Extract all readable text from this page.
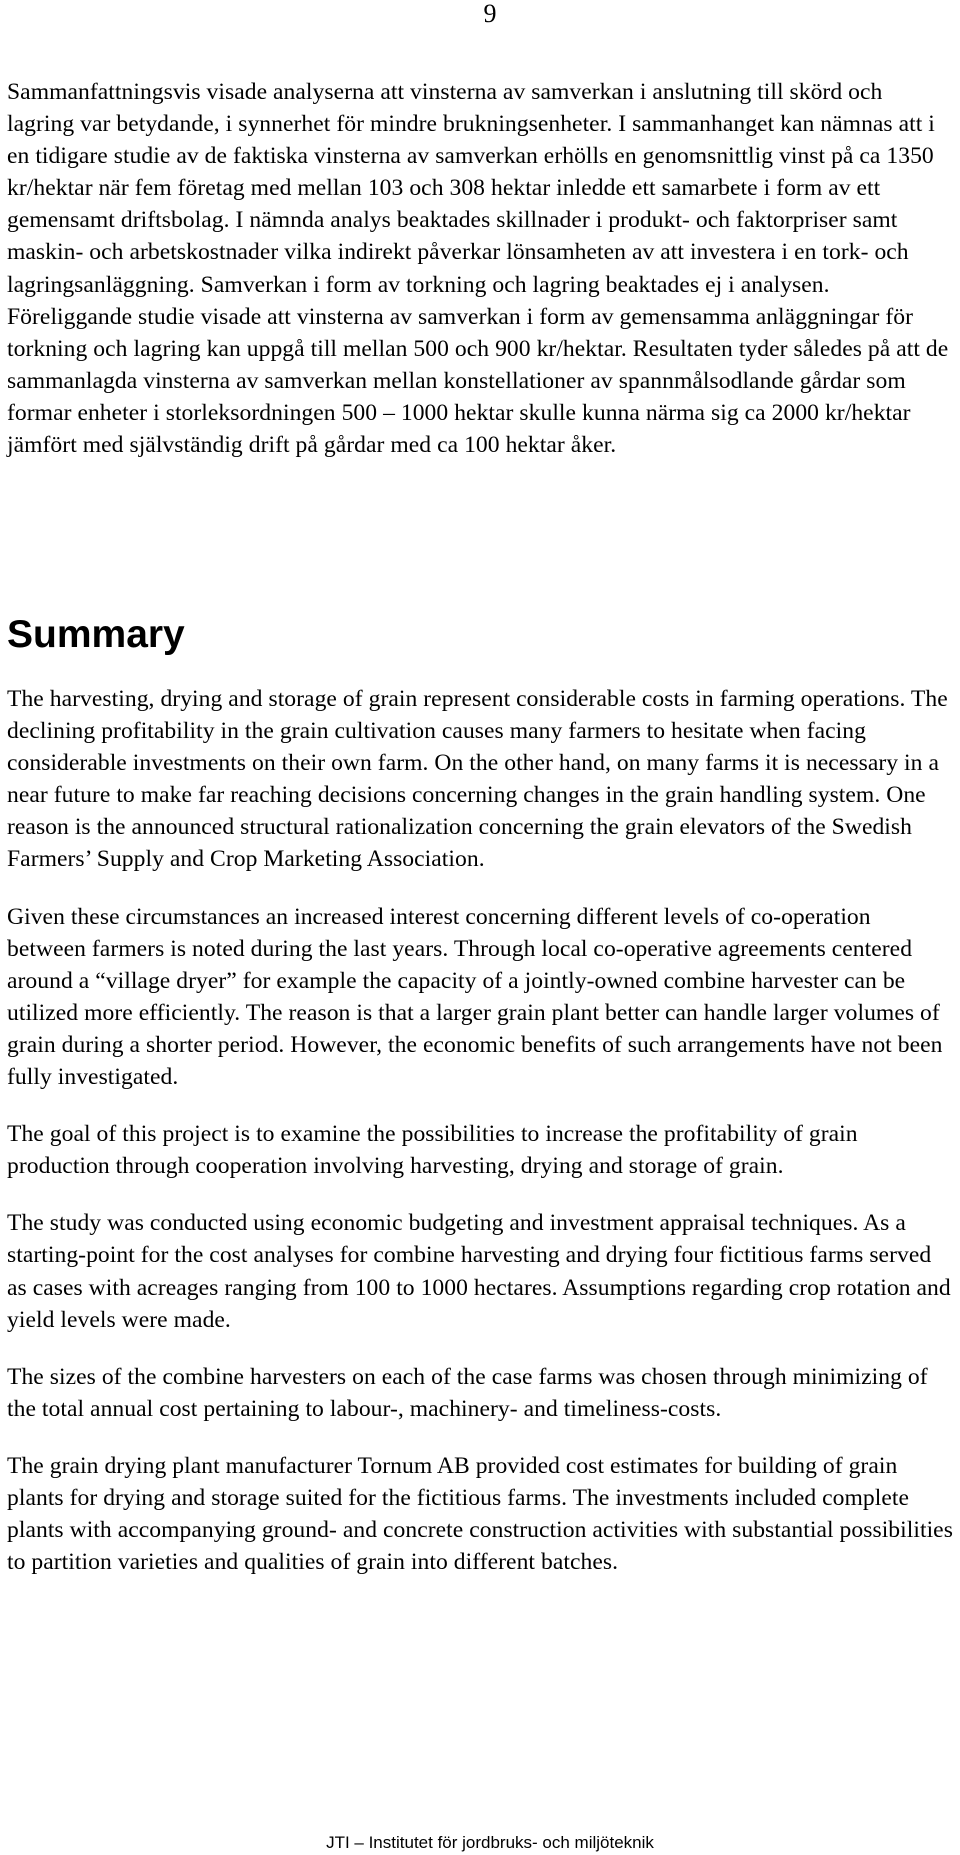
9

Sammanfattningsvis visade analyserna att vinsterna av samverkan i anslutning till skörd och lagring var betydande, i synnerhet för mindre brukningsenheter. I sammanhanget kan nämnas att i en tidigare studie av de faktiska vinsterna av samverkan erhölls en genomsnittlig vinst på ca 1350 kr/hektar när fem företag med mellan 103 och 308 hektar inledde ett samarbete i form av ett gemensamt driftsbolag. I nämnda analys beaktades skillnader i produkt- och faktorpriser samt maskin- och arbetskostnader vilka indirekt påverkar lönsamheten av att investera i en tork- och lagringsanläggning. Samverkan i form av torkning och lagring beaktades ej i analysen. Föreliggande studie visade att vinsterna av samverkan i form av gemensamma anläggningar för torkning och lagring kan uppgå till mellan 500 och 900 kr/hektar. Resultaten tyder således på att de sammanlagda vinsterna av samverkan mellan konstellationer av spannmålsodlande gårdar som formar enheter i storleksordningen 500 – 1000 hektar skulle kunna närma sig ca 2000 kr/hektar jämfört med självständig drift på gårdar med ca 100 hektar åker.

Summary

The harvesting, drying and storage of grain represent considerable costs in farming operations. The declining profitability in the grain cultivation causes many farmers to hesitate when facing considerable investments on their own farm. On the other hand, on many farms it is necessary in a near future to make far reaching decisions concerning changes in the grain handling system. One reason is the announced structural rationalization concerning the grain elevators of the Swedish Farmers’ Supply and Crop Marketing Association.

Given these circumstances an increased interest concerning different levels of co-operation between farmers is noted during the last years. Through local co-operative agreements centered around a “village dryer” for example the capacity of a jointly-owned combine harvester can be utilized more efficiently. The reason is that a larger grain plant better can handle larger volumes of grain during a shorter period. However, the economic benefits of such arrangements have not been fully investigated.

The goal of this project is to examine the possibilities to increase the profitability of grain production through cooperation involving harvesting, drying and storage of grain.

The study was conducted using economic budgeting and investment appraisal techniques. As a starting-point for the cost analyses for combine harvesting and drying four fictitious farms served as cases with acreages ranging from 100 to 1000 hectares. Assumptions regarding crop rotation and yield levels were made.

The sizes of the combine harvesters on each of the case farms was chosen through minimizing of the total annual cost pertaining to labour-, machinery- and timeliness-costs.

The grain drying plant manufacturer Tornum AB provided cost estimates for building of grain plants for drying and storage suited for the fictitious farms. The investments included complete plants with accompanying ground- and concrete construction activities with substantial possibilities to partition varieties and qualities of grain into different batches.

JTI – Institutet för jordbruks- och miljöteknik
